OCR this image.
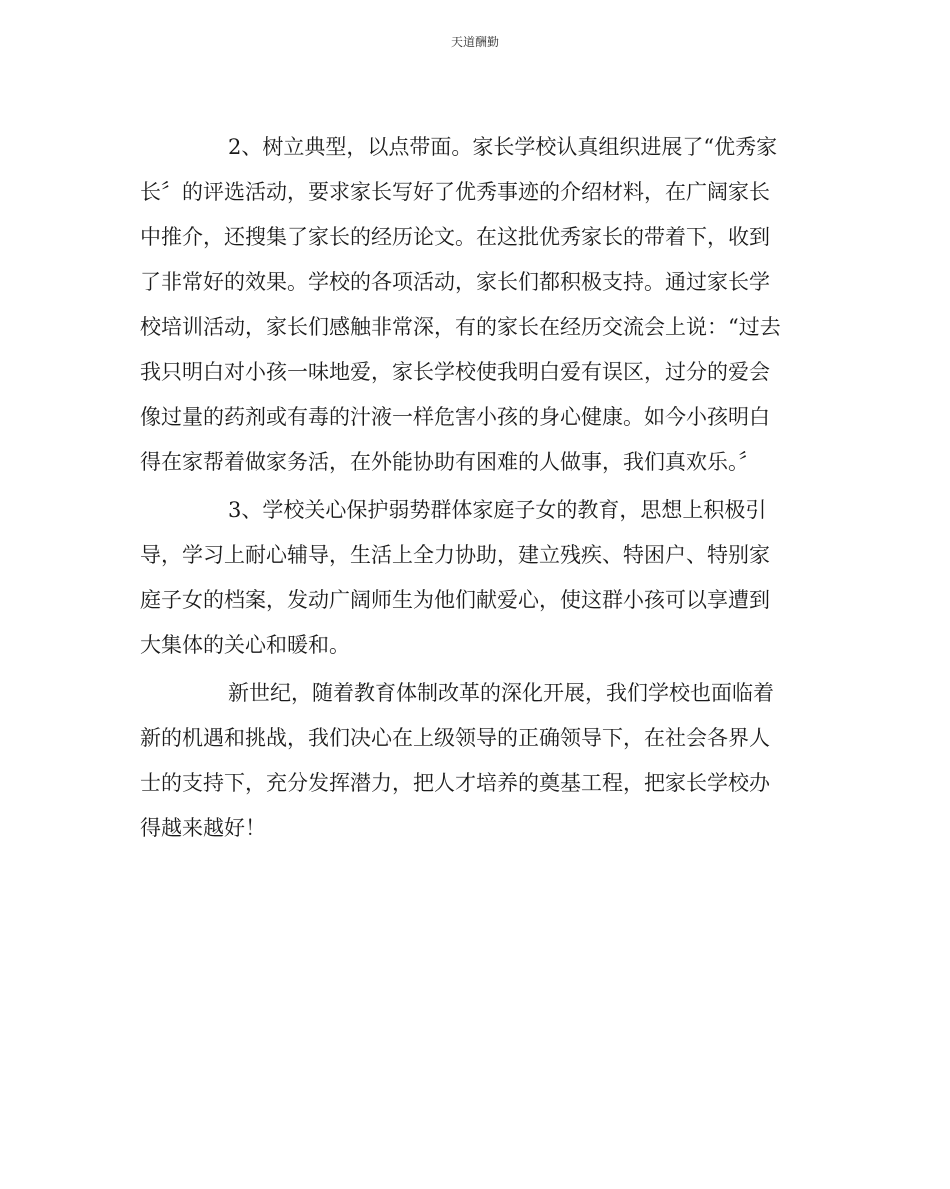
天道酬勤
2、树立典型，以点带面。家长学校认真组织进展了“优秀家
长〞的评选活动，要求家长写好了优秀事迹的介绍材料，在广阔家长
中推介，还搜集了家长的经历论文。在这批优秀家长的带着下，收到
了非常好的效果。学校的各项活动，家长们都积极支持。通过家长学
校培训活动，家长们感触非常深，有的家长在经历交流会上说：“过去
我只明白对小孩一味地爱，家长学校使我明白爱有误区，过分的爱会
像过量的药剂或有毒的汁液一样危害小孩的身心健康。如今小孩明白
得在家帮着做家务活，在外能协助有困难的人做事，我们真欢乐。〞
3、学校关心保护弱势群体家庭子女的教育，思想上积极引
导，学习上耐心辅导，生活上全力协助，建立残疾、特困户、特别家
庭子女的档案，发动广阔师生为他们献爱心，使这群小孩可以享遭到
大集体的关心和暖和。
新世纪，随着教育体制改革的深化开展，我们学校也面临着
新的机遇和挑战，我们决心在上级领导的正确领导下，在社会各界人
士的支持下，充分发挥潜力，把人才培养的奠基工程，把家长学校办
得越来越好！
